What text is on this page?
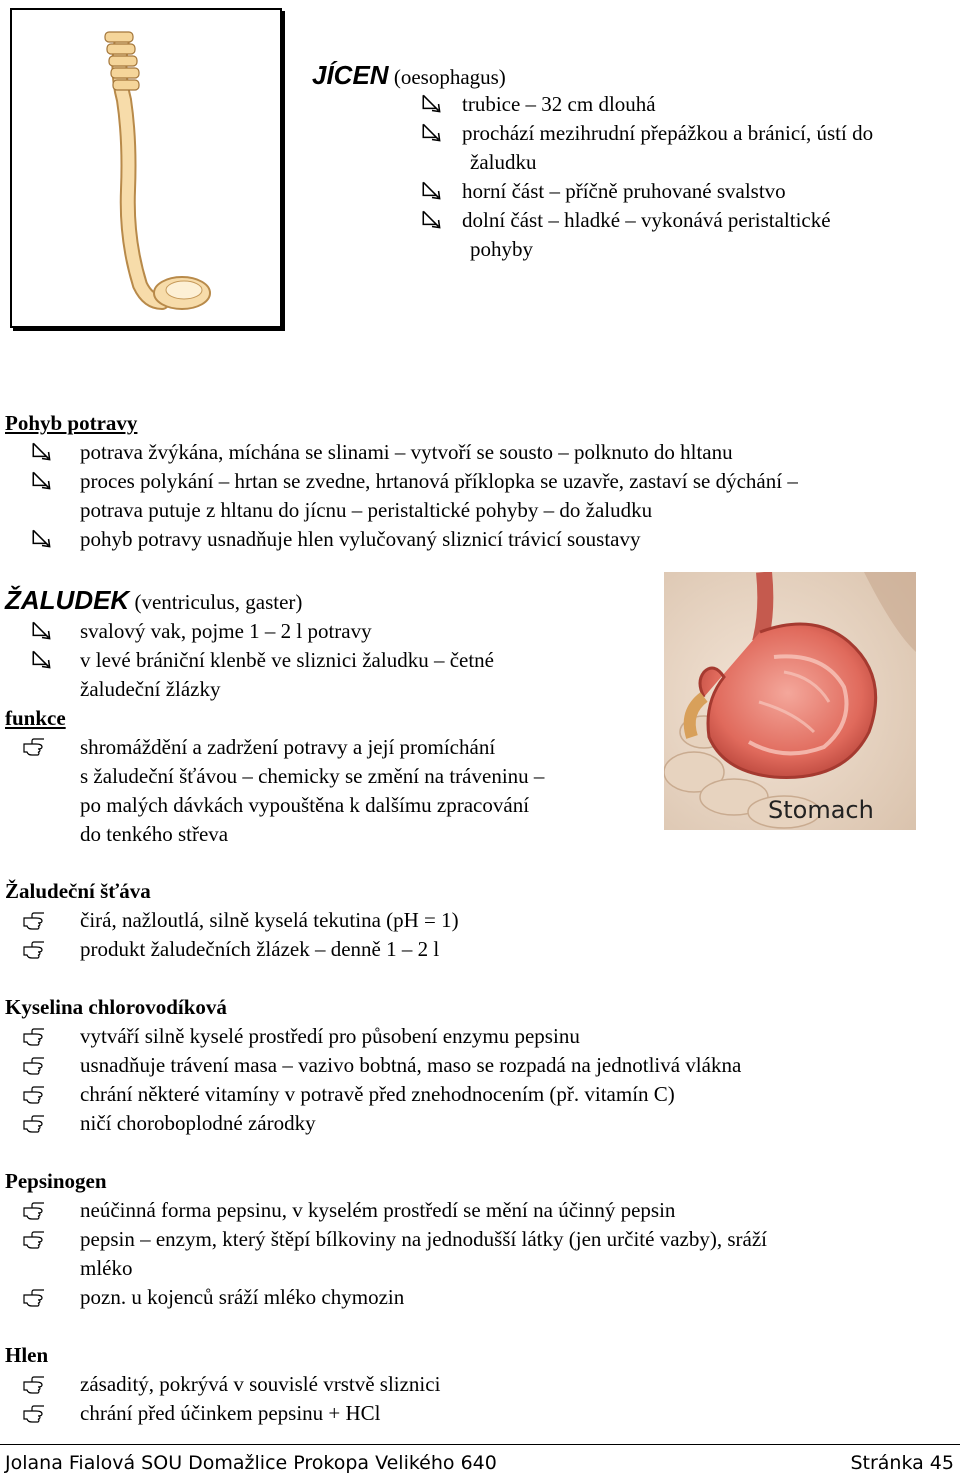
JÍCEN (oesophagus)
trubice – 32 cm dlouhá
prochází mezihrudní přepážkou a bránicí, ústí do
žaludku
horní část – příčně pruhované svalstvo
dolní část – hladké – vykonává peristaltické
pohyby
Pohyb potravy
potrava žvýkána, míchána se slinami – vytvoří se sousto – polknuto do hltanu
proces polykání – hrtan se zvedne, hrtanová příklopka se uzavře, zastaví se dýchání –
potrava putuje z hltanu do jícnu – peristaltické pohyby – do žaludku
pohyb potravy usnadňuje hlen vylučovaný sliznicí trávicí soustavy
ŽALUDEK (ventriculus, gaster)
svalový vak, pojme 1 – 2 l potravy
v levé brániční klenbě ve sliznici žaludku – četné
žaludeční žlázky
funkce
shromáždění a zadržení potravy a její promíchání
s žaludeční šťávou – chemicky se změní na tráveninu –
po malých dávkách vypouštěna k dalšímu zpracování
do tenkého střeva
Stomach
Žaludeční šťáva
čirá, nažloutlá, silně kyselá tekutina (pH = 1)
produkt žaludečních žlázek – denně 1 – 2 l
Kyselina chlorovodíková
vytváří silně kyselé prostředí pro působení enzymu pepsinu
usnadňuje trávení masa – vazivo bobtná, maso se rozpadá na jednotlivá vlákna
chrání některé vitamíny v potravě před znehodnocením (př. vitamín C)
ničí choroboplodné zárodky
Pepsinogen
neúčinná forma pepsinu, v kyselém prostředí se mění na účinný pepsin
pepsin – enzym, který štěpí bílkoviny na jednodušší látky (jen určité vazby), sráží
mléko
pozn. u kojenců sráží mléko chymozin
Hlen
zásaditý, pokrývá v souvislé vrstvě sliznici
chrání před účinkem pepsinu + HCl
Jolana Fialová SOU Domažlice Prokopa Velikého 640	Stránka 45
